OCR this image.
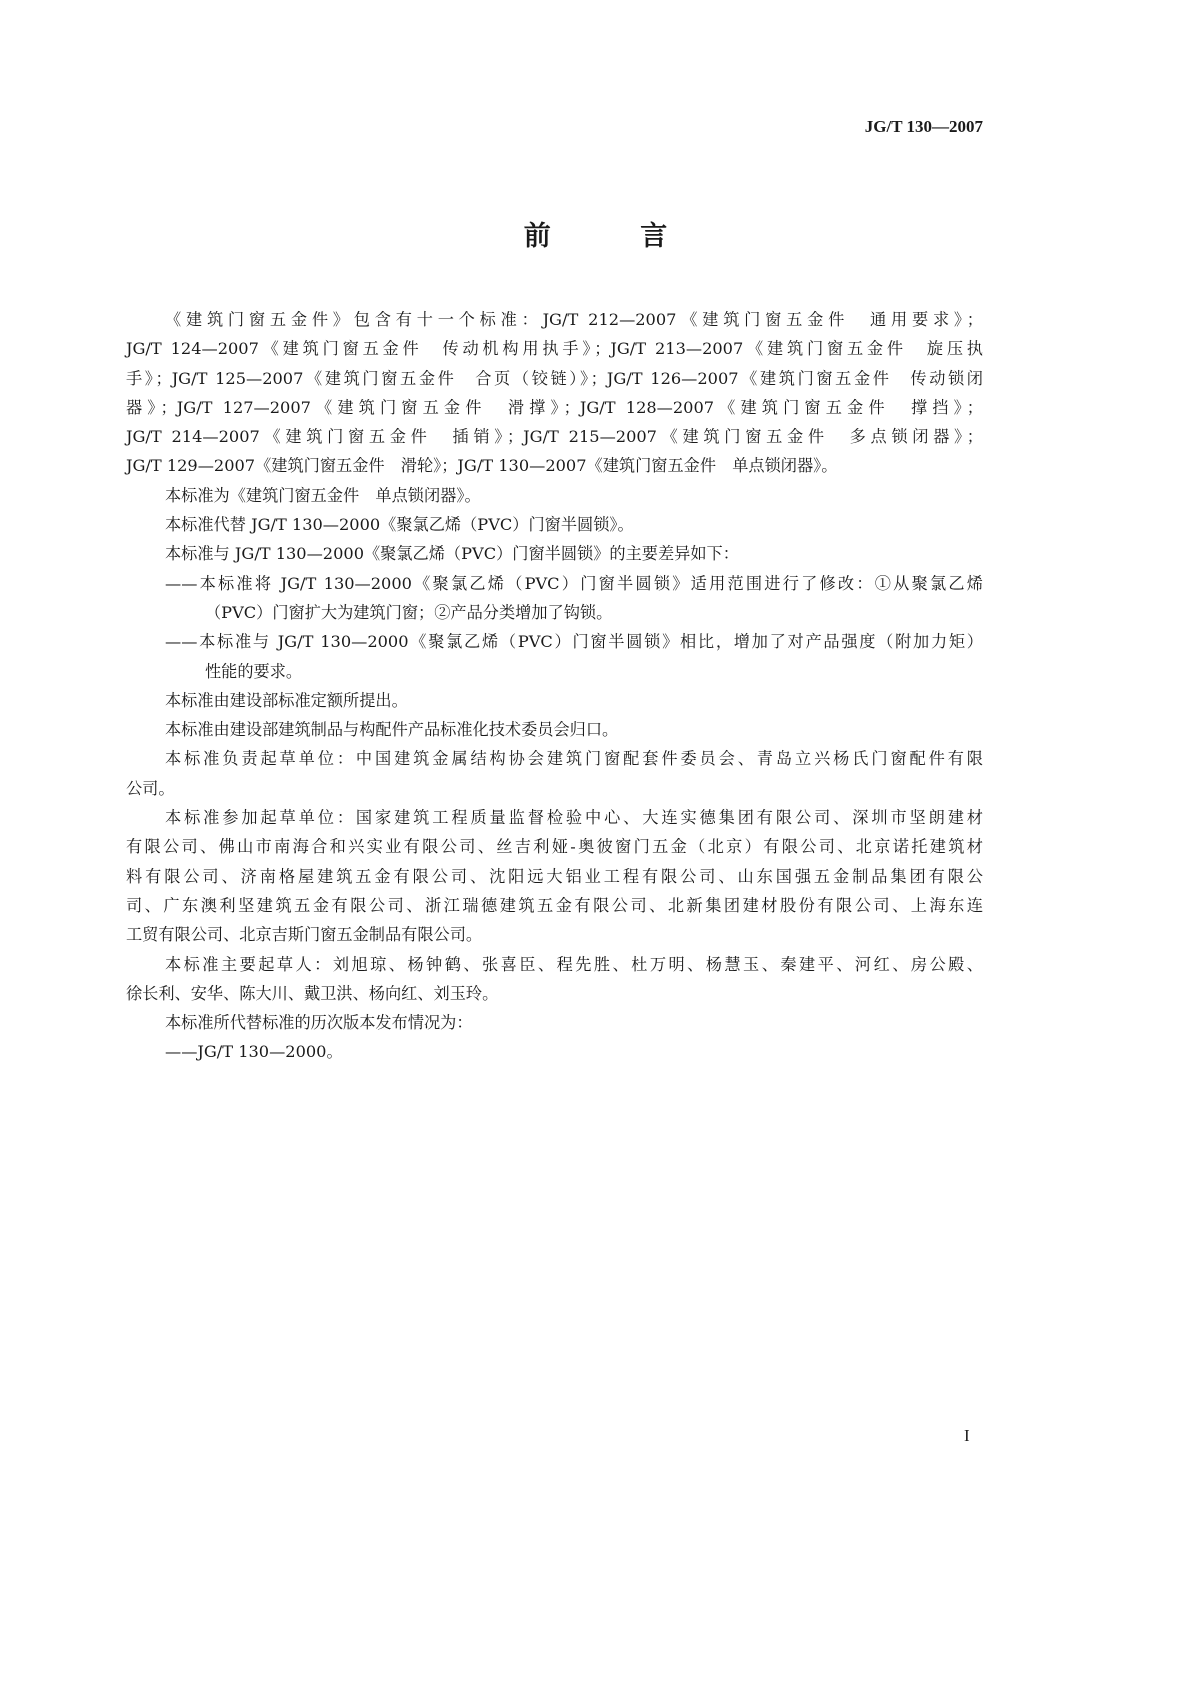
JG/T 130—2007
前 言
《建筑门窗五金件》包含有十一个标准：JG/T 212—2007《建筑门窗五金件　通用要求》；
JG/T 124—2007《建筑门窗五金件　传动机构用执手》；JG/T 213—2007《建筑门窗五金件　旋压执
手》；JG/T 125—2007《建筑门窗五金件　合页（铰链）》；JG/T 126—2007《建筑门窗五金件　传动锁闭
器》；JG/T 127—2007《建筑门窗五金件　滑撑》；JG/T 128—2007《建筑门窗五金件　撑挡》；
JG/T 214—2007《建筑门窗五金件　插销》；JG/T 215—2007《建筑门窗五金件　多点锁闭器》；
JG/T 129—2007《建筑门窗五金件　滑轮》；JG/T 130—2007《建筑门窗五金件　单点锁闭器》。
本标准为《建筑门窗五金件　单点锁闭器》。
本标准代替 JG/T 130—2000《聚氯乙烯（PVC）门窗半圆锁》。
本标准与 JG/T 130—2000《聚氯乙烯（PVC）门窗半圆锁》的主要差异如下：
——本标准将 JG/T 130—2000《聚氯乙烯（PVC）门窗半圆锁》适用范围进行了修改：①从聚氯乙烯
（PVC）门窗扩大为建筑门窗；②产品分类增加了钩锁。
——本标准与 JG/T 130—2000《聚氯乙烯（PVC）门窗半圆锁》相比，增加了对产品强度（附加力矩）
性能的要求。
本标准由建设部标准定额所提出。
本标准由建设部建筑制品与构配件产品标准化技术委员会归口。
本标准负责起草单位：中国建筑金属结构协会建筑门窗配套件委员会、青岛立兴杨氏门窗配件有限
公司。
本标准参加起草单位：国家建筑工程质量监督检验中心、大连实德集团有限公司、深圳市坚朗建材
有限公司、佛山市南海合和兴实业有限公司、丝吉利娅-奥彼窗门五金（北京）有限公司、北京诺托建筑材
料有限公司、济南格屋建筑五金有限公司、沈阳远大铝业工程有限公司、山东国强五金制品集团有限公
司、广东澳利坚建筑五金有限公司、浙江瑞德建筑五金有限公司、北新集团建材股份有限公司、上海东连
工贸有限公司、北京吉斯门窗五金制品有限公司。
本标准主要起草人：刘旭琼、杨钟鹤、张喜臣、程先胜、杜万明、杨慧玉、秦建平、河红、房公殿、
徐长利、安华、陈大川、戴卫洪、杨向红、刘玉玲。
本标准所代替标准的历次版本发布情况为：
——JG/T 130—2000。
I
